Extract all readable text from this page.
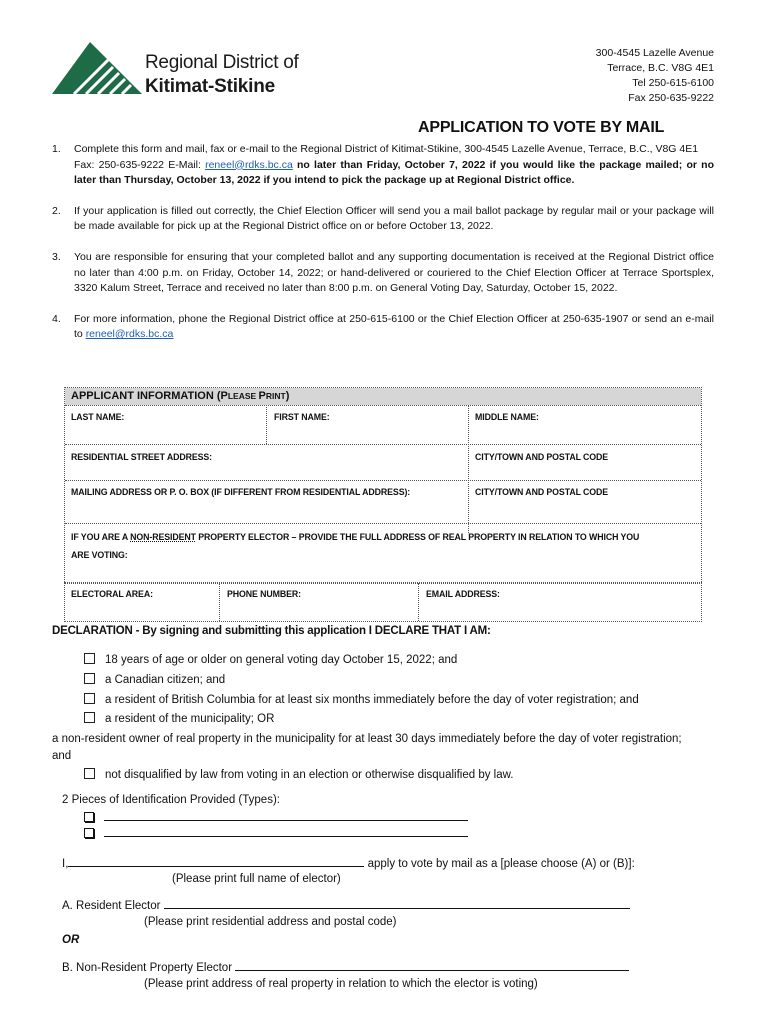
Regional District of
Kitimat-Stikine
300-4545 Lazelle Avenue
Terrace, B.C. V8G 4E1
Tel 250-615-6100
Fax 250-635-9222
APPLICATION TO VOTE BY MAIL
1.	Complete this form and mail, fax or e-mail to the Regional District of Kitimat-Stikine, 300-4545 Lazelle Avenue, Terrace, B.C., V8G 4E1
Fax: 250-635-9222 E-Mail: reneel@rdks.bc.ca no later than Friday, October 7, 2022 if you would like the package mailed; or no later than Thursday, October 13, 2022 if you intend to pick the package up at Regional District office.
2.	If your application is filled out correctly, the Chief Election Officer will send you a mail ballot package by regular mail or your package will be made available for pick up at the Regional District office on or before October 13, 2022.
3.	You are responsible for ensuring that your completed ballot and any supporting documentation is received at the Regional District office no later than 4:00 p.m. on Friday, October 14, 2022; or hand-delivered or couriered to the Chief Election Officer at Terrace Sportsplex, 3320 Kalum Street, Terrace and received no later than 8:00 p.m. on General Voting Day, Saturday, October 15, 2022.
4.	For more information, phone the Regional District office at 250-615-6100 or the Chief Election Officer at 250-635-1907 or send an e-mail to reneel@rdks.bc.ca
APPLICANT INFORMATION (PLEASE PRINT)
LAST NAME:	FIRST NAME:	MIDDLE NAME:
RESIDENTIAL STREET ADDRESS:	CITY/TOWN AND POSTAL CODE
MAILING ADDRESS OR P. O. BOX (IF DIFFERENT FROM RESIDENTIAL ADDRESS):	CITY/TOWN AND POSTAL CODE
IF YOU ARE A NON-RESIDENT PROPERTY ELECTOR – PROVIDE THE FULL ADDRESS OF REAL PROPERTY IN RELATION TO WHICH YOU
ARE VOTING:
ELECTORAL AREA:	PHONE NUMBER:	EMAIL ADDRESS:
DECLARATION - By signing and submitting this application I DECLARE THAT I AM:
18 years of age or older on general voting day October 15, 2022; and
a Canadian citizen; and
a resident of British Columbia for at least six months immediately before the day of voter registration; and
a resident of the municipality; OR
a non-resident owner of real property in the municipality for at least 30 days immediately before the day of voter registration; and
not disqualified by law from voting in an election or otherwise disqualified by law.
2 Pieces of Identification Provided (Types):
I,	apply to vote by mail as a [please choose (A) or (B)]:
(Please print full name of elector)
A. Resident Elector
(Please print residential address and postal code)
OR
B. Non-Resident Property Elector
(Please print address of real property in relation to which the elector is voting)
